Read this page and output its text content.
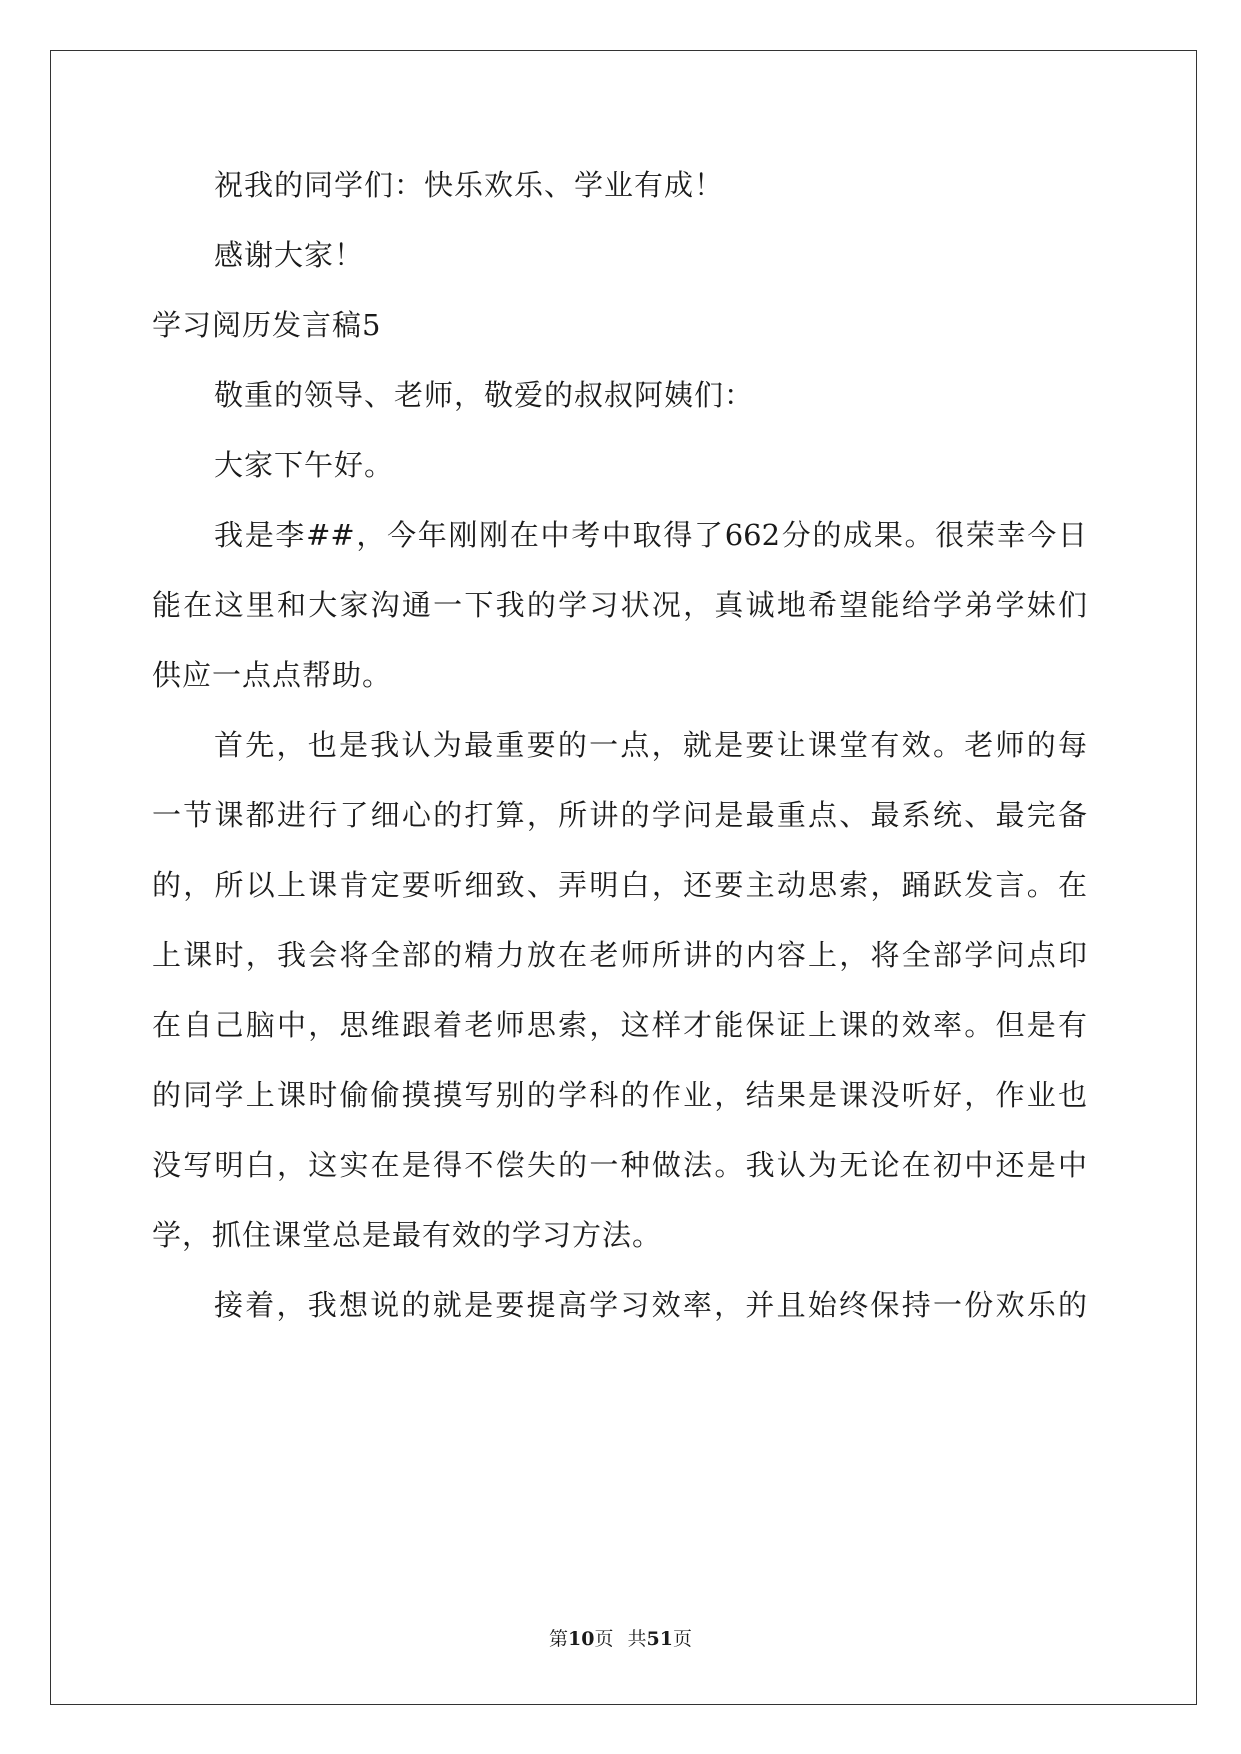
祝我的同学们：快乐欢乐、学业有成！
感谢大家！
学习阅历发言稿5
敬重的领导、老师，敬爱的叔叔阿姨们：
大家下午好。
我是李##，今年刚刚在中考中取得了662分的成果。很荣幸今日
能在这里和大家沟通一下我的学习状况，真诚地希望能给学弟学妹们
供应一点点帮助。
首先，也是我认为最重要的一点，就是要让课堂有效。老师的每
一节课都进行了细心的打算，所讲的学问是最重点、最系统、最完备
的，所以上课肯定要听细致、弄明白，还要主动思索，踊跃发言。在
上课时，我会将全部的精力放在老师所讲的内容上，将全部学问点印
在自己脑中，思维跟着老师思索，这样才能保证上课的效率。但是有
的同学上课时偷偷摸摸写别的学科的作业，结果是课没听好，作业也
没写明白，这实在是得不偿失的一种做法。我认为无论在初中还是中
学，抓住课堂总是最有效的学习方法。
接着，我想说的就是要提高学习效率，并且始终保持一份欢乐的
第10页 共51页
